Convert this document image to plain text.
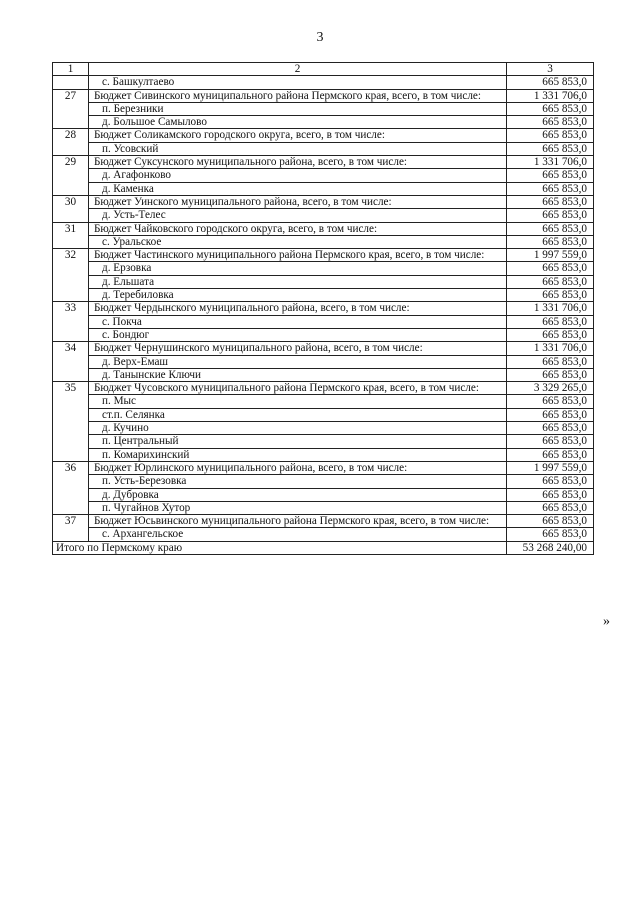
3
1	2	3
	с. Башкултаево	665 853,0
27	Бюджет Сивинского муниципального района Пермского края, всего, в том числе:	1 331 706,0
	п. Березники	665 853,0
	д. Большое Самылово	665 853,0
28	Бюджет Соликамского городского округа, всего, в том числе:	665 853,0
	п. Усовский	665 853,0
29	Бюджет Суксунского муниципального района, всего, в том числе:	1 331 706,0
	д. Агафонково	665 853,0
	д. Каменка	665 853,0
30	Бюджет Уинского муниципального района, всего, в том числе:	665 853,0
	д. Усть-Телес	665 853,0
31	Бюджет Чайковского городского округа, всего, в том числе:	665 853,0
	с. Уральское	665 853,0
32	Бюджет Частинского муниципального района Пермского края, всего, в том числе:	1 997 559,0
	д. Ерзовка	665 853,0
	д. Ельшата	665 853,0
	д. Теребиловка	665 853,0
33	Бюджет Чердынского муниципального района, всего, в том числе:	1 331 706,0
	с. Покча	665 853,0
	с. Бондюг	665 853,0
34	Бюджет Чернушинского муниципального района, всего, в том числе:	1 331 706,0
	д. Верх-Емаш	665 853,0
	д. Танынские Ключи	665 853,0
35	Бюджет Чусовского муниципального района Пермского края, всего, в том числе:	3 329 265,0
	п. Мыс	665 853,0
	ст.п. Селянка	665 853,0
	д. Кучино	665 853,0
	п. Центральный	665 853,0
	п. Комарихинский	665 853,0
36	Бюджет Юрлинского муниципального района, всего, в том числе:	1 997 559,0
	п. Усть-Березовка	665 853,0
	д. Дубровка	665 853,0
	п. Чугайнов Хутор	665 853,0
37	Бюджет Юсьвинского муниципального района Пермского края, всего, в том числе:	665 853,0
	с. Архангельское	665 853,0
Итого по Пермскому краю		53 268 240,00
»
